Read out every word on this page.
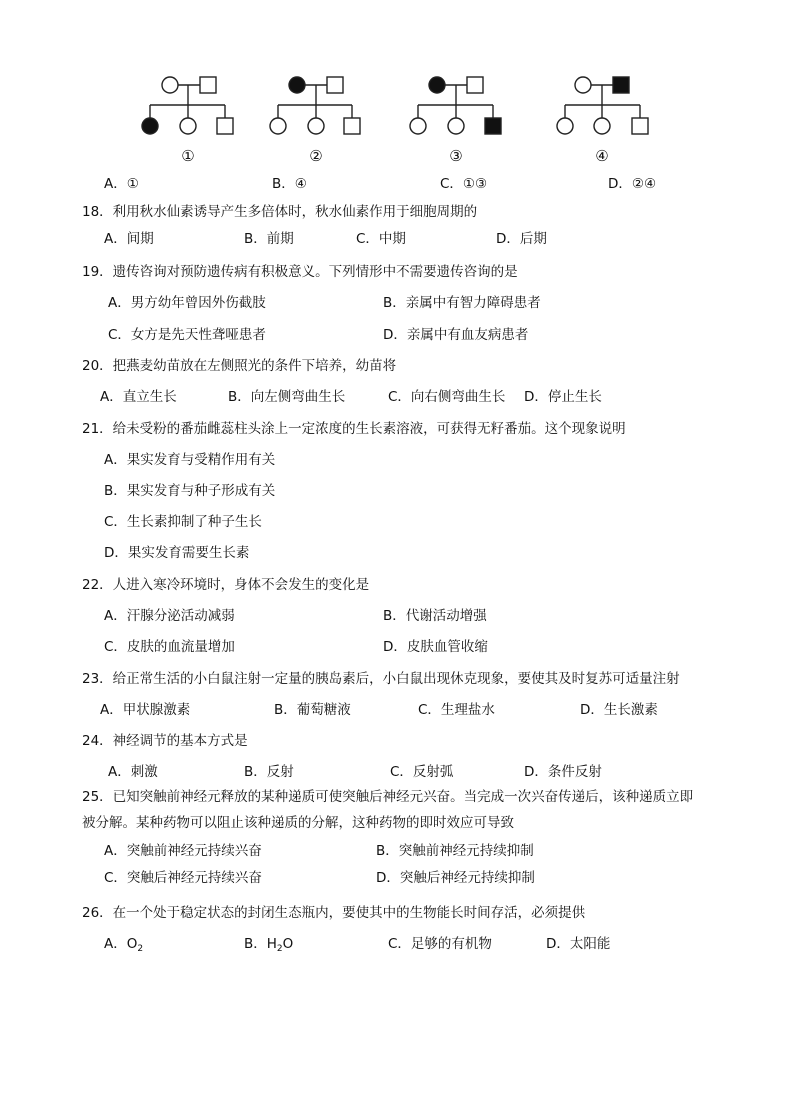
①	②	③	④
A．①	B．④	C．①③	D．②④
18．利用秋水仙素诱导产生多倍体时，秋水仙素作用于细胞周期的
A．间期	B．前期	C．中期	D．后期
19．遗传咨询对预防遗传病有积极意义。下列情形中不需要遗传咨询的是
A．男方幼年曾因外伤截肢	B．亲属中有智力障碍患者
C．女方是先天性聋哑患者	D．亲属中有血友病患者
20．把燕麦幼苗放在左侧照光的条件下培养，幼苗将
A．直立生长	B．向左侧弯曲生长	C．向右侧弯曲生长 D．停止生长
21．给未受粉的番茄雌蕊柱头涂上一定浓度的生长素溶液，可获得无籽番茄。这个现象说明
A．果实发育与受精作用有关
B．果实发育与种子形成有关
C．生长素抑制了种子生长
D．果实发育需要生长素
22．人进入寒冷环境时，身体不会发生的变化是
A．汗腺分泌活动减弱	B．代谢活动增强
C．皮肤的血流量增加	D．皮肤血管收缩
23．给正常生活的小白鼠注射一定量的胰岛素后，小白鼠出现休克现象，要使其及时复苏可适量注射
A．甲状腺激素	B．葡萄糖液	C．生理盐水	D．生长激素
24．神经调节的基本方式是
A．刺激	B．反射	C．反射弧	D．条件反射
25．已知突触前神经元释放的某种递质可使突触后神经元兴奋。当完成一次兴奋传递后，该种递质立即
被分解。某种药物可以阻止该种递质的分解，这种药物的即时效应可导致
A．突触前神经元持续兴奋	B．突触前神经元持续抑制
C．突触后神经元持续兴奋	D．突触后神经元持续抑制
26．在一个处于稳定状态的封闭生态瓶内，要使其中的生物能长时间存活，必须提供
A．$O_2$	B．$H_2O$	C．足够的有机物	D．太阳能
